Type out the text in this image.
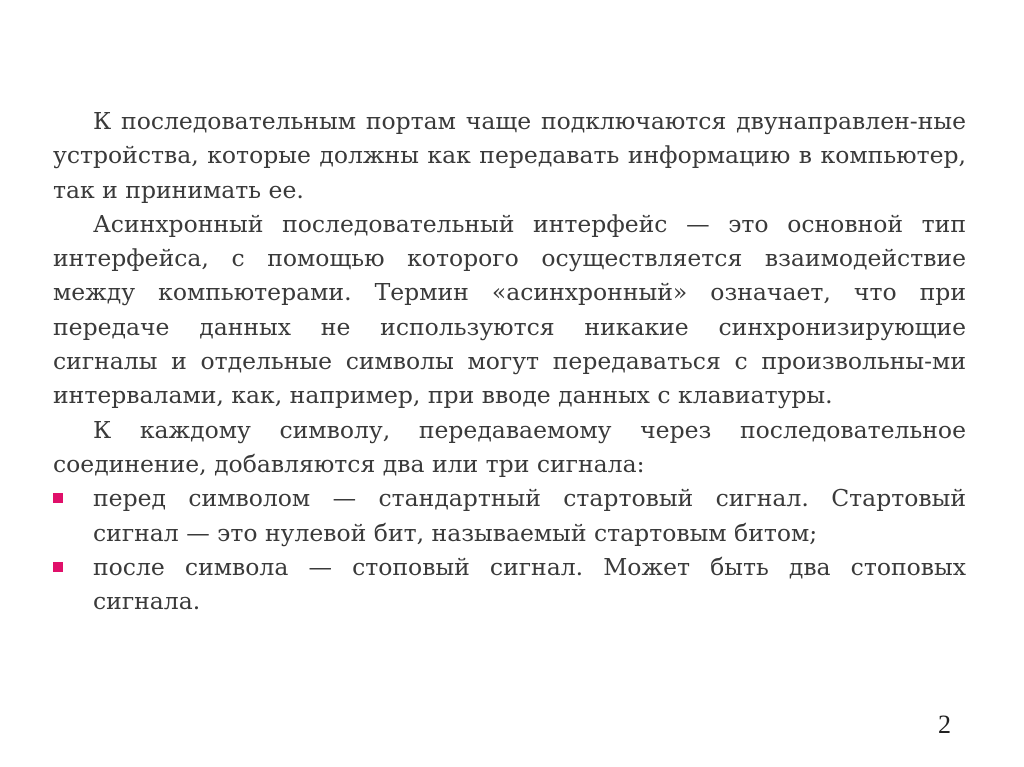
К последовательным портам чаще подключаются двунаправлен-ные устройства, которые должны как передавать информацию в компьютер, так и принимать ее.

Асинхронный последовательный интерфейс — это основной тип интерфейса, с помощью которого осуществляется взаимодействие между компьютерами. Термин «асинхронный» означает, что при передаче данных не используются никакие синхронизирующие сигналы и отдельные символы могут передаваться с произвольны-ми интервалами, как, например, при вводе данных с клавиатуры.

К каждому символу, передаваемому через последовательное соединение, добавляются два или три сигнала:

перед символом — стандартный стартовый сигнал. Стартовый сигнал — это нулевой бит, называемый стартовым битом;
после символа — стоповый сигнал. Может быть два стоповых сигнала.
2
